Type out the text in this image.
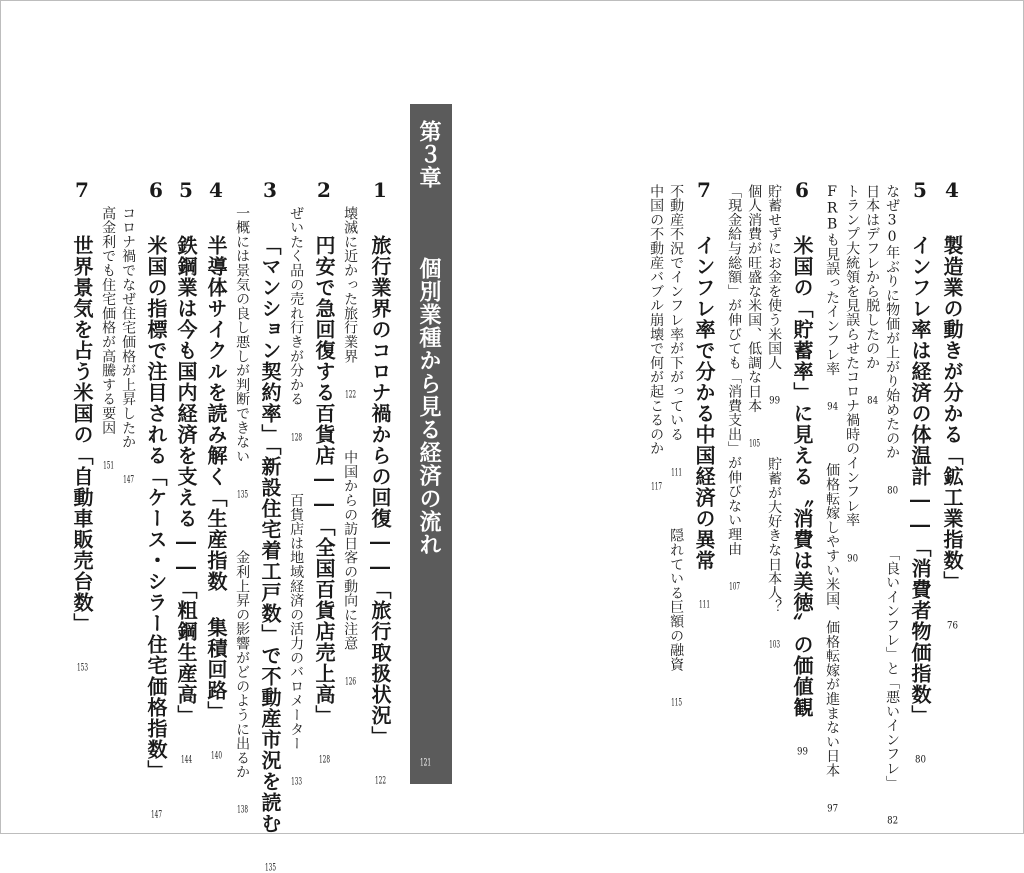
4 製造業の動きが分かる「鉱工業指数」 76
5 インフレ率は経済の体温計――「消費者物価指数」 80
なぜ30年ぶりに物価が上がり始めたのか 80  「良いインフレ」と「悪いインフレ」 82
日本はデフレから脱したのか 84
トランプ大統領を見誤らせたコロナ禍時のインフレ率 90
FRBも見誤ったインフレ率 94  価格転嫁しやすい米国、価格転嫁が進まない日本 97
6 米国の「貯蓄率」に見える〝消費は美徳〟の価値観 99
貯蓄せずにお金を使う米国人 99  貯蓄が大好きな日本人？ 103
個人消費が旺盛な米国、低調な日本 105
「現金給与総額」が伸びても「消費支出」が伸びない理由 107
7 インフレ率で分かる中国経済の異常 111
不動産不況でインフレ率が下がっている 111  隠れている巨額の融資 115
中国の不動産バブル崩壊で何が起こるのか 117
第３章  個別業種から見る経済の流れ
121
1 旅行業界のコロナ禍からの回復――「旅行取扱状況」 122
壊滅に近かった旅行業界 122  中国からの訪日客の動向に注意 126
2 円安で急回復する百貨店――「全国百貨店売上高」 128
ぜいたく品の売れ行きが分かる 128  百貨店は地域経済の活力のバロメーター 133
3 「マンション契約率」「新設住宅着工戸数」で不動産市況を読む 135
一概には景気の良し悪しが判断できない 135  金利上昇の影響がどのように出るか 138
4 半導体サイクルを読み解く「生産指数 集積回路」 140
5 鉄鋼業は今も国内経済を支える――「粗鋼生産高」 144
6 米国の指標で注目される「ケース・シラー住宅価格指数」 147
コロナ禍でなぜ住宅価格が上昇したか 147
高金利でも住宅価格が高騰する要因 151
7 世界景気を占う米国の「自動車販売台数」 153
